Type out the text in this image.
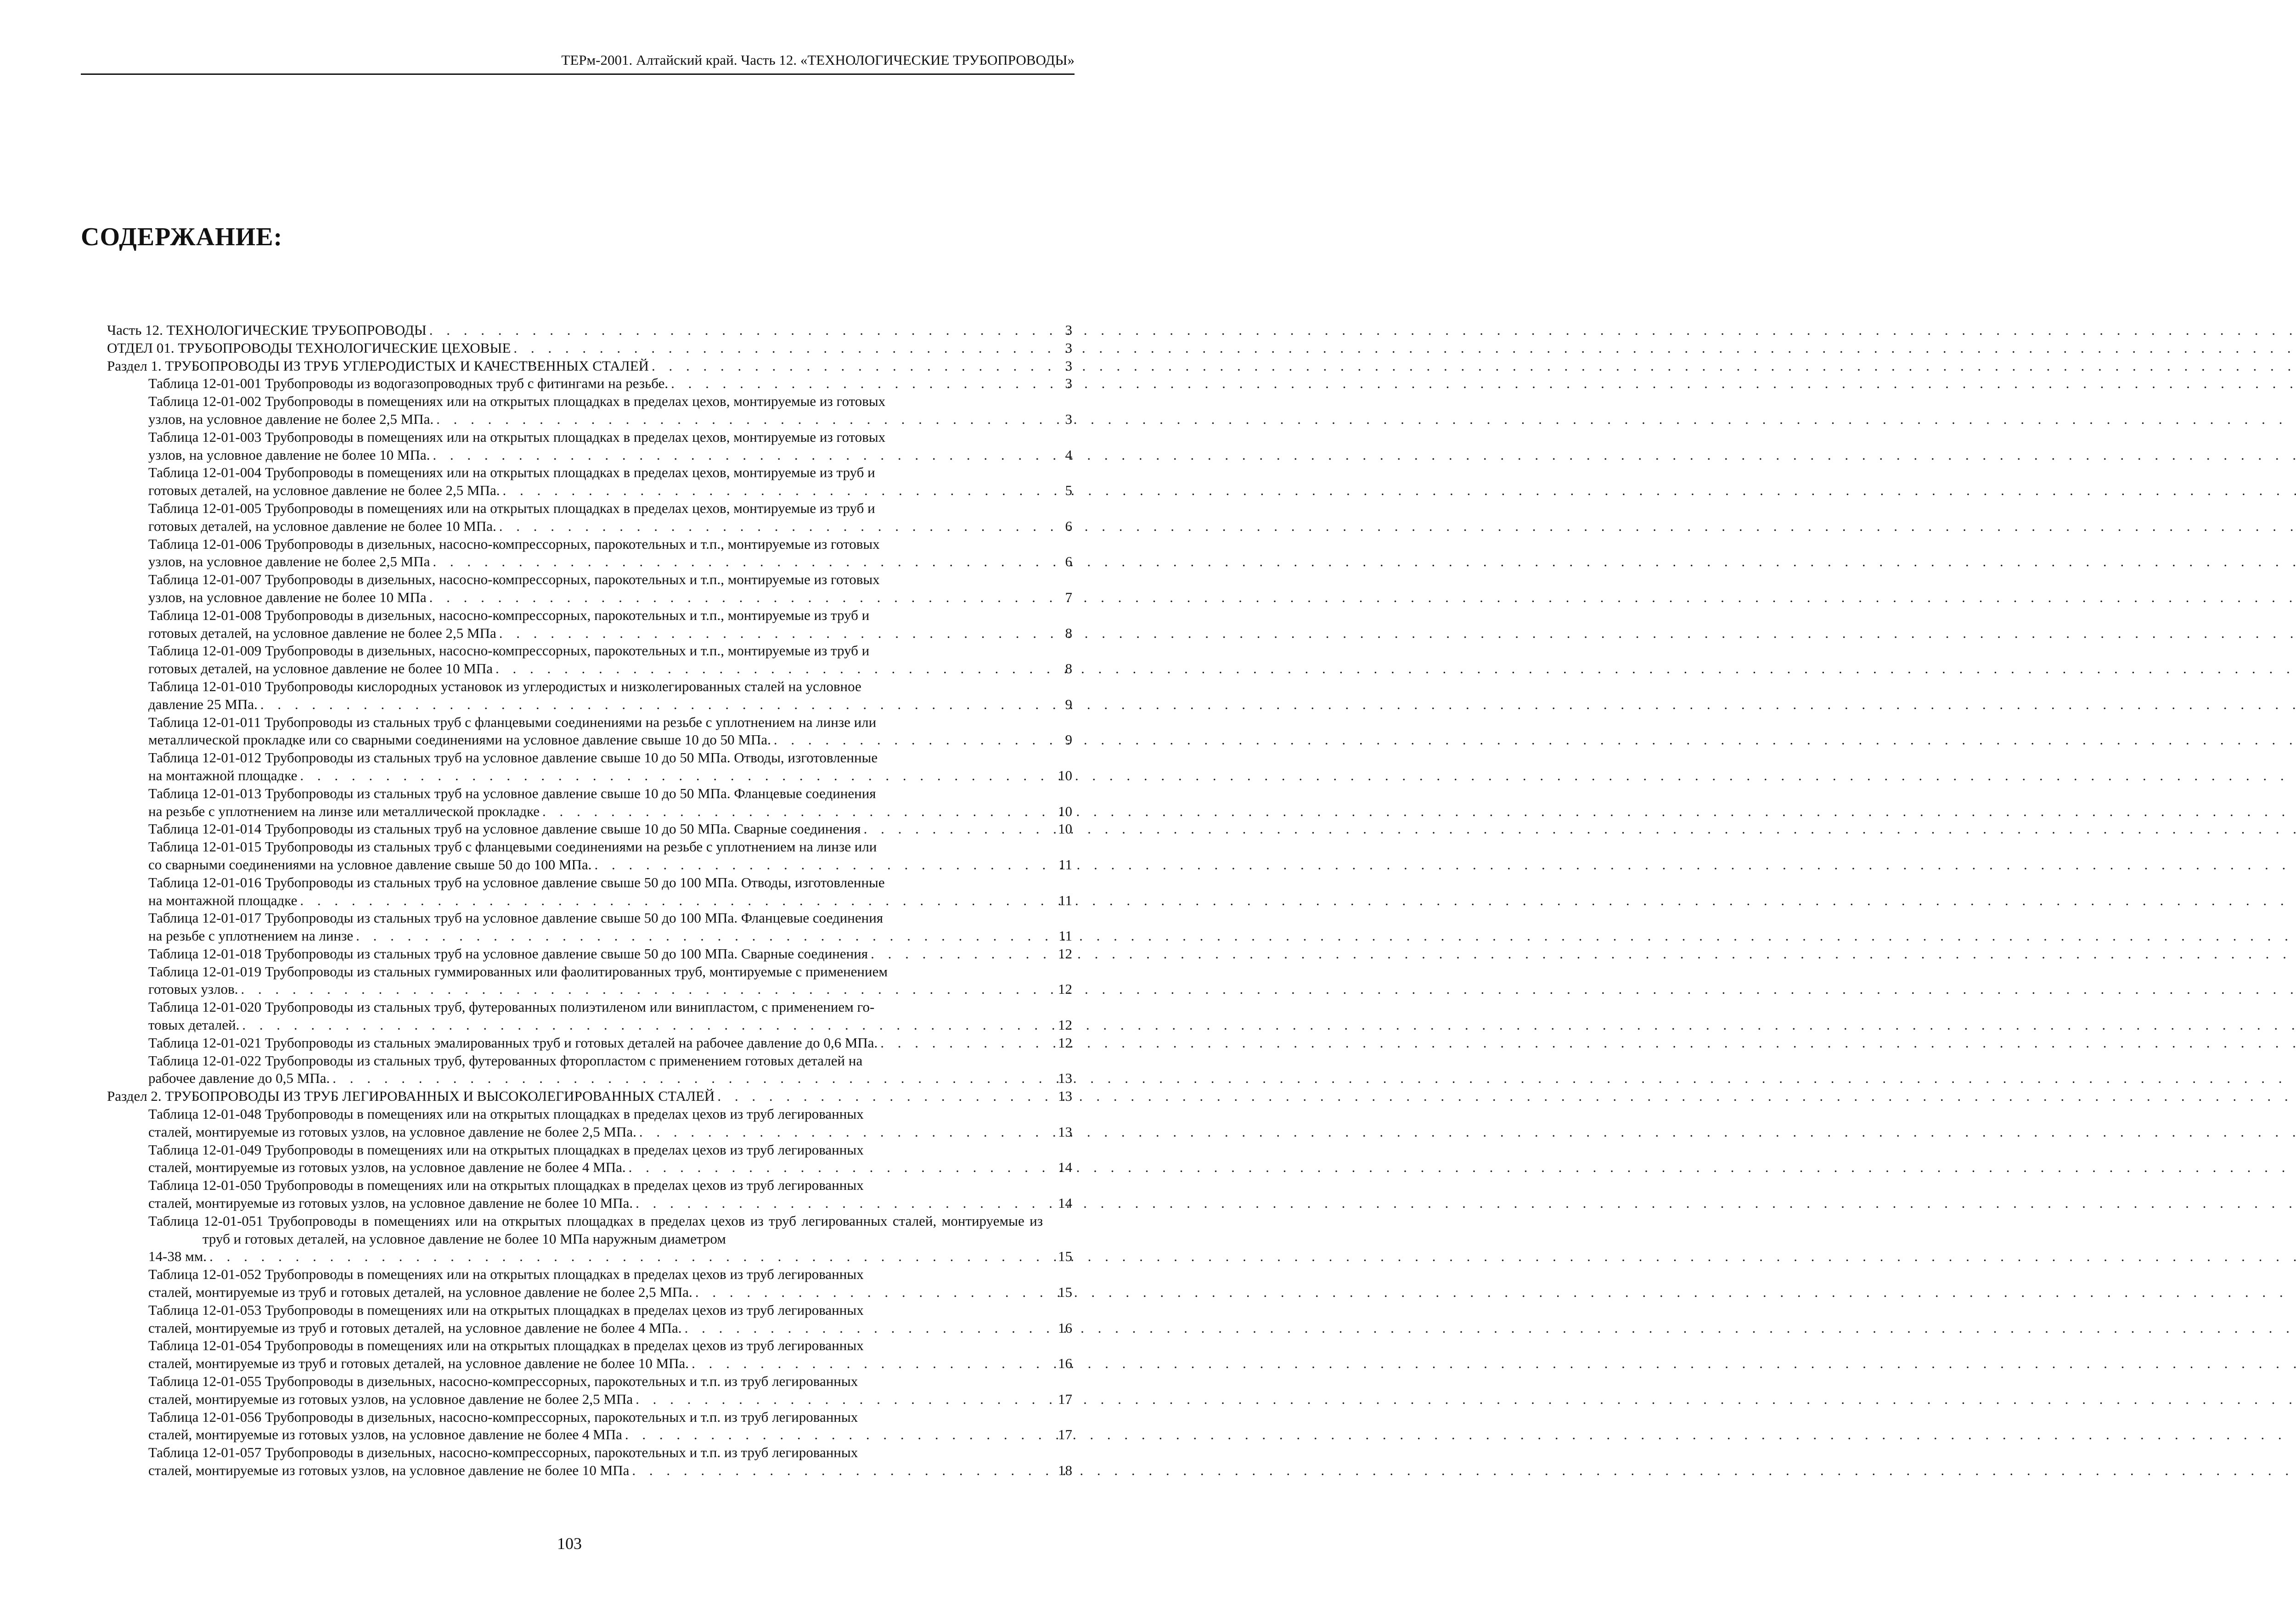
ТЕРм-2001. Алтайский край. Часть 12. «ТЕХНОЛОГИЧЕСКИЕ ТРУБОПРОВОДЫ»
СОДЕРЖАНИЕ:
Часть 12. ТЕХНОЛОГИЧЕСКИЕ ТРУБОПРОВОДЫ . . .	3
ОТДЕЛ 01. ТРУБОПРОВОДЫ ТЕХНОЛОГИЧЕСКИЕ ЦЕХОВЫЕ . . .	3
Раздел 1. ТРУБОПРОВОДЫ ИЗ ТРУБ УГЛЕРОДИСТЫХ И КАЧЕСТВЕННЫХ СТАЛЕЙ . . .	3
Таблица 12-01-001 Трубопроводы из водогазопроводных труб с фитингами на резьбе. . . .	3
Таблица 12-01-002 Трубопроводы в помещениях или на открытых площадках в пределах цехов, монтируемые из готовых
узлов, на условное давление не более 2,5 МПа. . . .	3
Таблица 12-01-003 Трубопроводы в помещениях или на открытых площадках в пределах цехов, монтируемые из готовых
узлов, на условное давление не более 10 МПа. . . .	4
Таблица 12-01-004 Трубопроводы в помещениях или на открытых площадках в пределах цехов, монтируемые из труб и
готовых деталей, на условное давление не более 2,5 МПа. . . .	5
Таблица 12-01-005 Трубопроводы в помещениях или на открытых площадках в пределах цехов, монтируемые из труб и
готовых деталей, на условное давление не более 10 МПа. . . .	6
Таблица 12-01-006 Трубопроводы в дизельных, насосно-компрессорных, парокотельных и т.п., монтируемые из готовых
узлов, на условное давление не более 2,5 МПа . . .	6
Таблица 12-01-007 Трубопроводы в дизельных, насосно-компрессорных, парокотельных и т.п., монтируемые из готовых
узлов, на условное давление не более 10 МПа . . .	7
Таблица 12-01-008 Трубопроводы в дизельных, насосно-компрессорных, парокотельных и т.п., монтируемые из труб и
готовых деталей, на условное давление не более 2,5 МПа . . .	8
Таблица 12-01-009 Трубопроводы в дизельных, насосно-компрессорных, парокотельных и т.п., монтируемые из труб и
готовых деталей, на условное давление не более 10 МПа . . .	8
Таблица 12-01-010 Трубопроводы кислородных установок из углеродистых и низколегированных сталей на условное
давление 25 МПа. . . .	9
Таблица 12-01-011 Трубопроводы из стальных труб с фланцевыми соединениями на резьбе с уплотнением на линзе или
металлической прокладке или со сварными соединениями на условное давление свыше 10 до 50 МПа. . . .	9
Таблица 12-01-012 Трубопроводы из стальных труб на условное давление свыше 10 до 50 МПа. Отводы, изготовленные
на монтажной площадке . . .	10
Таблица 12-01-013 Трубопроводы из стальных труб на условное давление свыше 10 до 50 МПа. Фланцевые соединения
на резьбе с уплотнением на линзе или металлической прокладке . . .	10
Таблица 12-01-014 Трубопроводы из стальных труб на условное давление свыше 10 до 50 МПа. Сварные соединения . . .	10
Таблица 12-01-015 Трубопроводы из стальных труб с фланцевыми соединениями на резьбе с уплотнением на линзе или
со сварными соединениями на условное давление свыше 50 до 100 МПа. . . .	11
Таблица 12-01-016 Трубопроводы из стальных труб на условное давление свыше 50 до 100 МПа. Отводы, изготовленные
на монтажной площадке . . .	11
Таблица 12-01-017 Трубопроводы из стальных труб на условное давление свыше 50 до 100 МПа. Фланцевые соединения
на резьбе с уплотнением на линзе . . .	11
Таблица 12-01-018 Трубопроводы из стальных труб на условное давление свыше 50 до 100 МПа. Сварные соединения . . .	12
Таблица 12-01-019 Трубопроводы из стальных гуммированных или фаолитированных труб, монтируемые с применением
готовых узлов. . . .	12
Таблица 12-01-020 Трубопроводы из стальных труб, футерованных полиэтиленом или винипластом, с применением го-
товых деталей. . . .	12
Таблица 12-01-021 Трубопроводы из стальных эмалированных труб и готовых деталей на рабочее давление до 0,6 МПа. . . .	12
Таблица 12-01-022 Трубопроводы из стальных труб, футерованных фторопластом с применением готовых деталей на
рабочее давление до 0,5 МПа. . . .	13
Раздел 2. ТРУБОПРОВОДЫ ИЗ ТРУБ ЛЕГИРОВАННЫХ И ВЫСОКОЛЕГИРОВАННЫХ СТАЛЕЙ . . .	13
Таблица 12-01-048 Трубопроводы в помещениях или на открытых площадках в пределах цехов из труб легированных
сталей, монтируемые из готовых узлов, на условное давление не более 2,5 МПа. . . .	13
Таблица 12-01-049 Трубопроводы в помещениях или на открытых площадках в пределах цехов из труб легированных
сталей, монтируемые из готовых узлов, на условное давление не более 4 МПа. . . .	14
Таблица 12-01-050 Трубопроводы в помещениях или на открытых площадках в пределах цехов из труб легированных
сталей, монтируемые из готовых узлов, на условное давление не более 10 МПа. . . .	14
Таблица 12-01-051 Трубопроводы в помещениях или на открытых площадках в пределах цехов из труб легированных сталей, монтируемые из труб и готовых деталей, на условное давление не более 10 МПа наружным диаметром
14-38 мм. . . .	15
Таблица 12-01-052 Трубопроводы в помещениях или на открытых площадках в пределах цехов из труб легированных
сталей, монтируемые из труб и готовых деталей, на условное давление не более 2,5 МПа. . . .	15
Таблица 12-01-053 Трубопроводы в помещениях или на открытых площадках в пределах цехов из труб легированных
сталей, монтируемые из труб и готовых деталей, на условное давление не более 4 МПа. . . .	16
Таблица 12-01-054 Трубопроводы в помещениях или на открытых площадках в пределах цехов из труб легированных
сталей, монтируемые из труб и готовых деталей, на условное давление не более 10 МПа. . . .	16
Таблица 12-01-055 Трубопроводы в дизельных, насосно-компрессорных, парокотельных и т.п. из труб легированных
сталей, монтируемые из готовых узлов, на условное давление не более 2,5 МПа . . .	17
Таблица 12-01-056 Трубопроводы в дизельных, насосно-компрессорных, парокотельных и т.п. из труб легированных
сталей, монтируемые из готовых узлов, на условное давление не более 4 МПа . . .	17
Таблица 12-01-057 Трубопроводы в дизельных, насосно-компрессорных, парокотельных и т.п. из труб легированных
сталей, монтируемые из готовых узлов, на условное давление не более 10 МПа . . .	18
103
